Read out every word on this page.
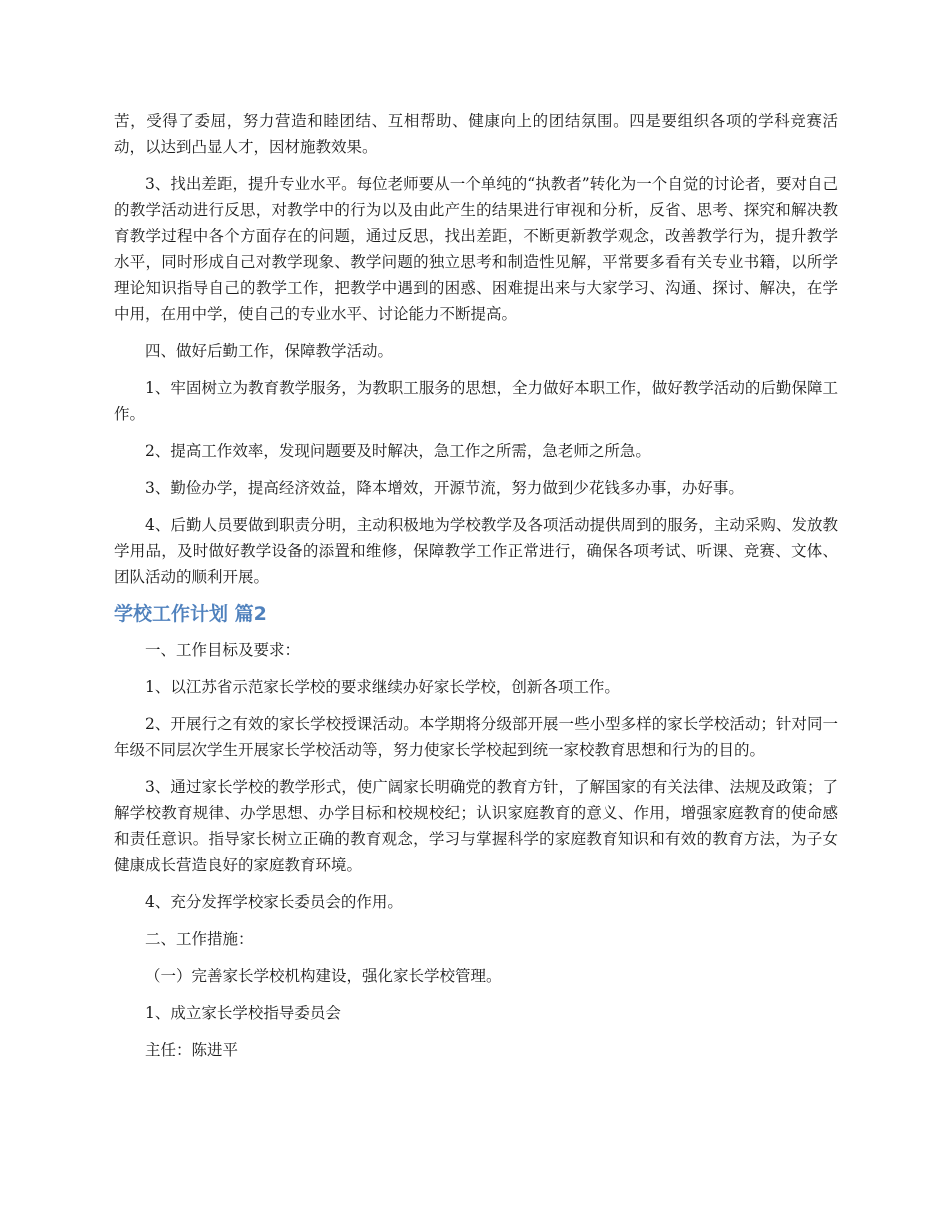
苦，受得了委屈，努力营造和睦团结、互相帮助、健康向上的团结氛围。四是要组织各项的学科竞赛活动，以达到凸显人才，因材施教效果。

3、找出差距，提升专业水平。每位老师要从一个单纯的“执教者”转化为一个自觉的讨论者，要对自己的教学活动进行反思，对教学中的行为以及由此产生的结果进行审视和分析，反省、思考、探究和解决教育教学过程中各个方面存在的问题，通过反思，找出差距，不断更新教学观念，改善教学行为，提升教学水平，同时形成自己对教学现象、教学问题的独立思考和制造性见解，平常要多看有关专业书籍，以所学理论知识指导自己的教学工作，把教学中遇到的困惑、困难提出来与大家学习、沟通、探讨、解决，在学中用，在用中学，使自己的专业水平、讨论能力不断提高。

四、做好后勤工作，保障教学活动。

1、牢固树立为教育教学服务，为教职工服务的思想，全力做好本职工作，做好教学活动的后勤保障工作。

2、提高工作效率，发现问题要及时解决，急工作之所需，急老师之所急。

3、勤俭办学，提高经济效益，降本增效，开源节流，努力做到少花钱多办事，办好事。

4、后勤人员要做到职责分明，主动积极地为学校教学及各项活动提供周到的服务，主动采购、发放教学用品，及时做好教学设备的添置和维修，保障教学工作正常进行，确保各项考试、听课、竞赛、文体、团队活动的顺利开展。

学校工作计划 篇2

一、工作目标及要求：

1、以江苏省示范家长学校的要求继续办好家长学校，创新各项工作。

2、开展行之有效的家长学校授课活动。本学期将分级部开展一些小型多样的家长学校活动；针对同一年级不同层次学生开展家长学校活动等，努力使家长学校起到统一家校教育思想和行为的目的。

3、通过家长学校的教学形式，使广阔家长明确党的教育方针，了解国家的有关法律、法规及政策；了解学校教育规律、办学思想、办学目标和校规校纪；认识家庭教育的意义、作用，增强家庭教育的使命感和责任意识。指导家长树立正确的教育观念，学习与掌握科学的家庭教育知识和有效的教育方法，为子女健康成长营造良好的家庭教育环境。

4、充分发挥学校家长委员会的作用。

二、工作措施：

（一）完善家长学校机构建设，强化家长学校管理。

1、成立家长学校指导委员会

主任：陈进平
